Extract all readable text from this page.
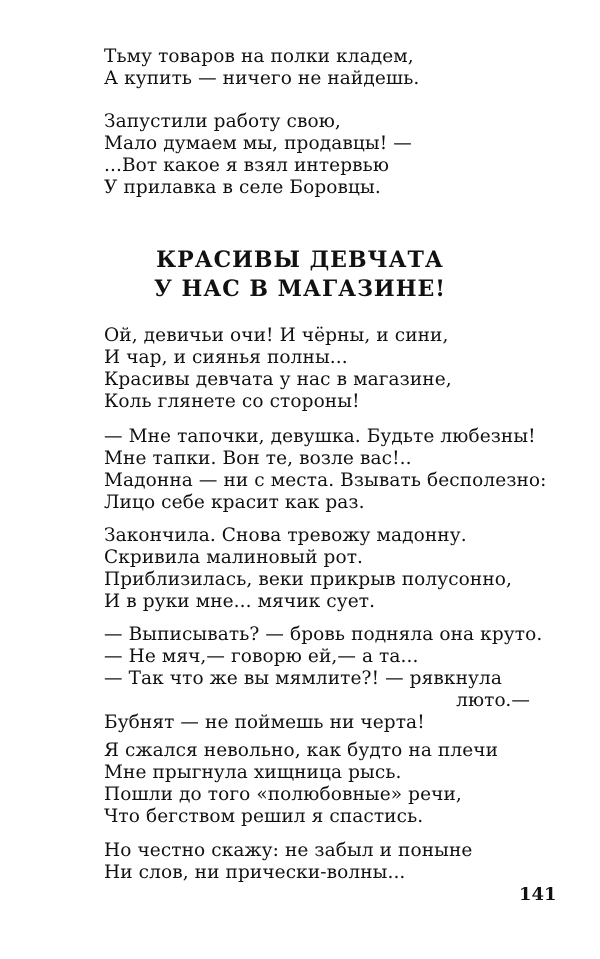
Тьму товаров на полки кладем,
А купить — ничего не найдешь.
Запустили работу свою,
Мало думаем мы, продавцы! —
...Вот какое я взял интервью
У прилавка в селе Боровцы.
КРАСИВЫ ДЕВЧАТА
У НАС В МАГАЗИНЕ!
Ой, девичьи очи! И чёрны, и сини,
И чар, и сиянья полны...
Красивы девчата у нас в магазине,
Коль глянете со стороны!
— Мне тапочки, девушка. Будьте любезны!
Мне тапки. Вон те, возле вас!..
Мадонна — ни с места. Взывать бесполезно:
Лицо себе красит как раз.
Закончила. Снова тревожу мадонну.
Скривила малиновый рот.
Приблизилась, веки прикрыв полусонно,
И в руки мне... мячик сует.
— Выписывать? — бровь подняла она круто.
— Не мяч,— говорю ей,— а та...
— Так что же вы мямлите?! — рявкнула
лютo.—
Бубнят — не поймешь ни черта!
Я сжался невольно, как будто на плечи
Мне прыгнула хищница рысь.
Пошли до того «полюбовные» речи,
Что бегством решил я спастись.
Но честно скажу: не забыл и поныне
Ни слов, ни прически-волны...
141
